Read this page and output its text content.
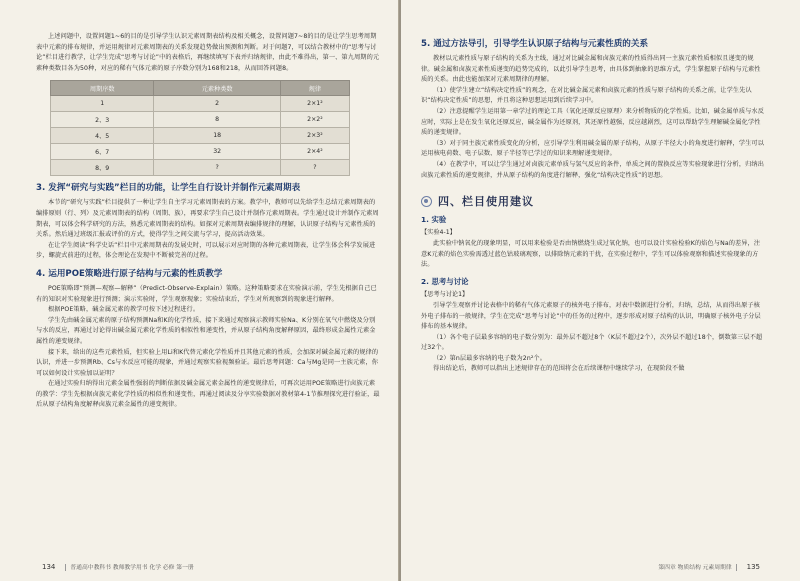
上述问题中，设置问题1~6的目的是引导学生认识元素周期表结构及相关概念，设置问题7~8的目的是让学生思考周期表中元素的排布规律，并运用规律对元素周期表的关系发现趋势做出预测和判断。对于问题7，可以结合教材中的“思考与讨论”栏目进行教学，让学生完成“思考与讨论”中的表格后，再继续填写下表并归纳规律，由此不难得出，第一、第九周期的元素种类数目各为50种，对应的稀有气体元素的原子序数分别为168和218，从而回答问题8。

周期序数	元素种类数	规律
1	2	2×1²
2、3	8	2×2²
4、5	18	2×3²
6、7	32	2×4²
8、9	?	?
3. 发挥“研究与实践”栏目的功能，让学生自行设计并制作元素周期表

本节的“研究与实践”栏目提供了一种让学生自主学习元素周期表的方案。教学中，教师可以先给学生总结元素周期表的编排原则（行、列）及元素周期表的结构（周期、族），再要求学生自己设计并制作元素周期表。学生通过设计并制作元素周期表，可以体会科学研究的方法，熟悉元素周期表的结构。如探对元素周期表编排规律的理解，认识原子结构与元素性质的关系。然后通过班级汇报或评价的方式，使得学生之间交流与学习，提高活动效果。

在让学生阅读“科学史话”栏目中元素周期表的发展史时，可以展示对应时期的各种元素周期表，让学生体会科学发展进步，螺旋式前进的过程，体会理论在发现中不断被完善的过程。

4. 运用POE策略进行原子结构与元素的性质教学

POE策略即“预测—观察—解释”（Predict-Observe-Explain）策略。这种策略要求在实验演示前，学生先根据自己已有的知识对实验现象进行预测；演示实验时，学生观察现象；实验结束后，学生对所观察到的现象进行解释。

根据POE策略，碱金属元素的教学可按下述过程进行。

学生先由碱金属元素的原子结构预测Na和K的化学性质，接下来通过观察演示教师实验Na、K分别在氧气中燃烧及分别与水的反应，再通过讨论得出碱金属元素化学性质的相似性和递变性，并从原子结构角度解释原因，最终形成金属性元素金属性的递变规律。

接下来，给出的这些元素性质，但实验上用Li和K代替元素化学性质并且其他元素的性质，会加深对碱金属元素的规律的认识，并进一步预测Rb、Cs与水反应可能的现象，并通过观察实验视频验证。最后思考问题：Ca与Mg是同一主族元素，你可以如何设计实验加以证明？

在通过实验归纳得出元素金属性强弱的判断依据及碱金属元素金属性的递变规律后，可再次运用POE策略进行卤族元素的教学：学生先根据卤族元素化学性质的相似性和递变性，再通过阅读及分享实验数据对教材第4-1节推理探究进行验证，最后从原子结构角度解释卤族元素金属性的递变规律。

134	普通高中教科书 教师教学用书 化学 必修 第一册
5. 通过方法导引，引导学生认识原子结构与元素性质的关系

教材以元素性质与原子结构的关系为主线，通过对比碱金属和卤族元素的性质得出同一主族元素性质相似且递变的规律。碱金属和卤族元素性质递变的趋势完成的，以此引导学生思考，由具体到抽象的思维方式，学生掌握原子结构与元素性质的关系。由此也能加深对元素周期律的理解。

（1）使学生建立“结构决定性质”的观念，在对比碱金属元素和卤族元素的性质与原子结构的关系之前，让学生先认识“结构决定性质”的思想，并且将这种思想运用到后续学习中。

（2）注意提醒学生运用第一章学过的理论工具（氧化还原反应原理）来分析物质的化学性质。比如，碱金属单质与水反应时，实际上是在发生氧化还原反应，碱金属作为还原剂，其还原性越强，反应越剧烈，这可以帮助学生理解碱金属化学性质的递变规律。

（3）对于同主族元素性质变化的分析，应引导学生利用碱金属的原子结构，从原子半径大小的角度进行解释，学生可以运用核电荷数、电子层数、原子半径等已学过的知识来理解递变规律。

（4）在教学中，可以让学生通过对卤族元素单质与氢气反应的条件，单质之间的置换反应等实验现象进行分析，归纳出卤族元素性质的递变规律，并从原子结构的角度进行解释，强化“结构决定性质”的思想。

四、栏目使用建议
1. 实验
【实验4-1】

此实验中钠氧化的现象明显，可以用来检验是否由钠燃烧生成过氧化钠，也可以设计实验检验K的焰色与Na的差异，注意K元素的焰色实验需透过蓝色钴玻璃观察，以排除钠元素的干扰，在实验过程中，学生可以体验观察和描述实验现象的方法。

2. 思考与讨论
【思考与讨论1】

引导学生观察并讨论表格中的稀有气体元素原子的核外电子排布，对表中数据进行分析，归纳，总结，从而得出原子核外电子排布的一般规律，学生在完成“思考与讨论”中的任务的过程中，逐步形成对原子结构的认识，明确原子核外电子分层排布的基本规律。

（1）各个电子层最多容纳的电子数分别为：最外层不超过8个（K层不超过2个），次外层不超过18个，倒数第三层不超过32个。

（2）第n层最多容纳的电子数为2n²个。

得出结论后，教师可以指出上述规律存在的范围将会在后续课程中继续学习，在现阶段不做

第四章 物质结构 元素周期律 135
